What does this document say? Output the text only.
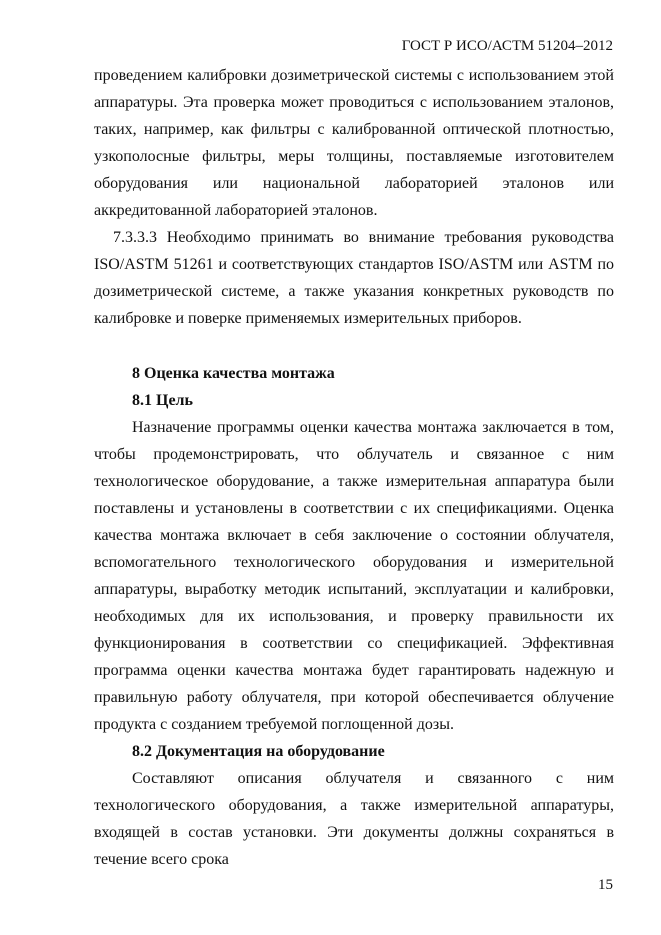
ГОСТ Р ИСО/АСТМ 51204–2012

проведением калибровки дозиметрической системы с использованием этой аппаратуры. Эта проверка может проводиться с использованием эталонов, таких, например, как фильтры с калиброванной оптической плотностью, узкополосные фильтры, меры толщины, поставляемые изготовителем оборудования или национальной лабораторией эталонов или аккредитованной лабораторией эталонов.

7.3.3.3 Необходимо принимать во внимание требования руководства ISO/ASTM 51261 и соответствующих стандартов ISO/ASTM или ASTM по дозиметрической системе, а также указания конкретных руководств по калибровке и поверке применяемых измерительных приборов.

8 Оценка качества монтажа

8.1 Цель

Назначение программы оценки качества монтажа заключается в том, чтобы продемонстрировать, что облучатель и связанное с ним технологическое оборудование, а также измерительная аппаратура были поставлены и установлены в соответствии с их спецификациями. Оценка качества монтажа включает в себя заключение о состоянии облучателя, вспомогательного технологического оборудования и измерительной аппаратуры, выработку методик испытаний, эксплуатации и калибровки, необходимых для их использования, и проверку правильности их функционирования в соответствии со спецификацией. Эффективная программа оценки качества монтажа будет гарантировать надежную и правильную работу облучателя, при которой обеспечивается облучение продукта с созданием требуемой поглощенной дозы.

8.2 Документация на оборудование

Составляют описания облучателя и связанного с ним технологического оборудования, а также измерительной аппаратуры, входящей в состав установки. Эти документы должны сохраняться в течение всего срока

15
